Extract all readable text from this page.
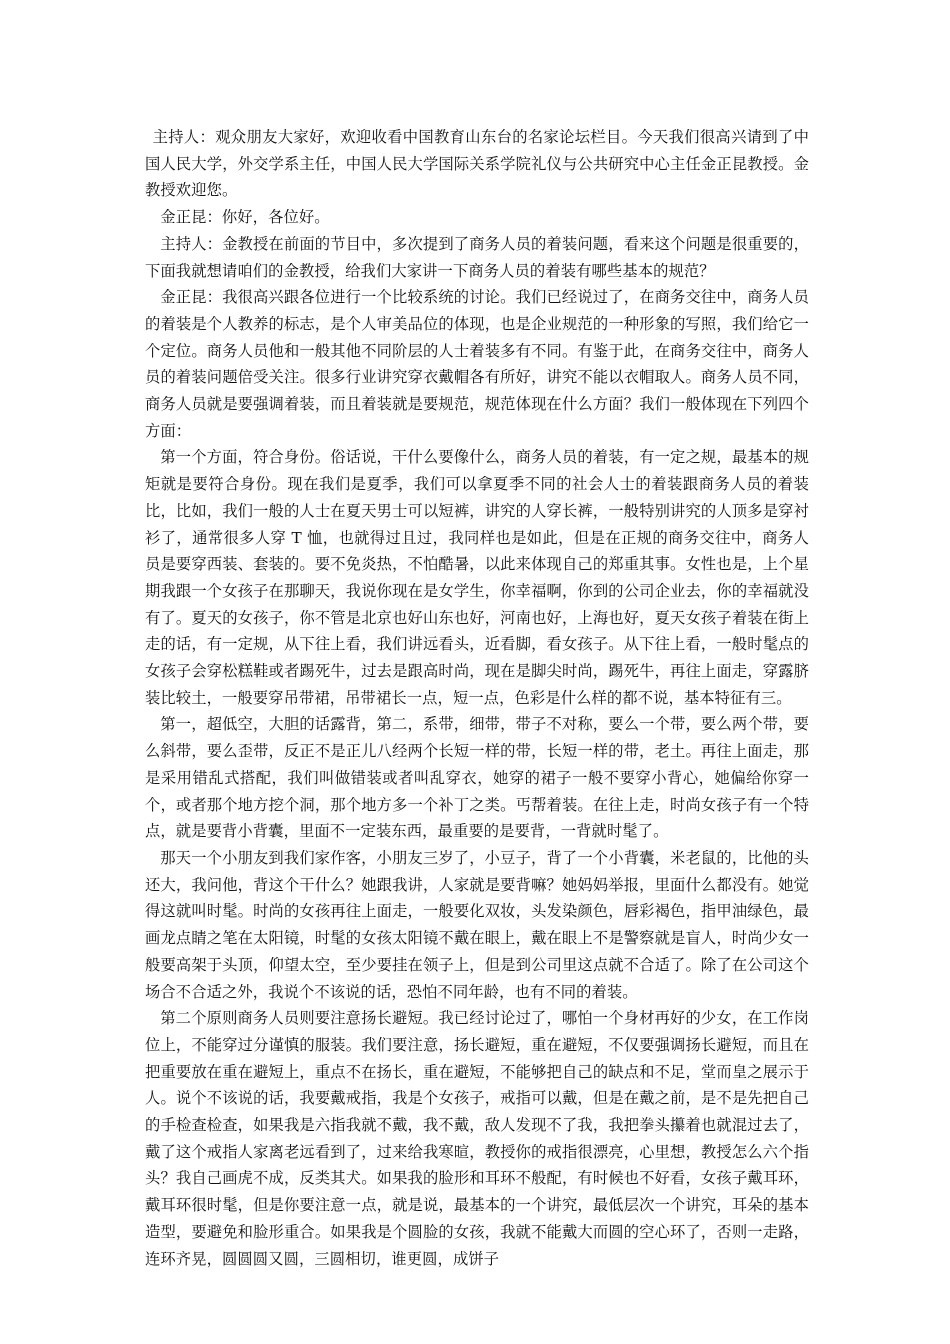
主持人：观众朋友大家好，欢迎收看中国教育山东台的名家论坛栏目。今天我们很高兴请到了中国人民大学，外交学系主任，中国人民大学国际关系学院礼仪与公共研究中心主任金正昆教授。金教授欢迎您。

金正昆：你好，各位好。

主持人：金教授在前面的节目中，多次提到了商务人员的着装问题，看来这个问题是很重要的，下面我就想请咱们的金教授，给我们大家讲一下商务人员的着装有哪些基本的规范？

金正昆：我很高兴跟各位进行一个比较系统的讨论。我们已经说过了，在商务交往中，商务人员的着装是个人教养的标志，是个人审美品位的体现，也是企业规范的一种形象的写照，我们给它一个定位。商务人员他和一般其他不同阶层的人士着装多有不同。有鉴于此，在商务交往中，商务人员的着装问题倍受关注。很多行业讲究穿衣戴帽各有所好，讲究不能以衣帽取人。商务人员不同，商务人员就是要强调着装，而且着装就是要规范，规范体现在什么方面？我们一般体现在下列四个方面：

第一个方面，符合身份。俗话说，干什么要像什么，商务人员的着装，有一定之规，最基本的规矩就是要符合身份。现在我们是夏季，我们可以拿夏季不同的社会人士的着装跟商务人员的着装比，比如，我们一般的人士在夏天男士可以短裤，讲究的人穿长裤，一般特别讲究的人顶多是穿衬衫了，通常很多人穿 T 恤，也就得过且过，我同样也是如此，但是在正规的商务交往中，商务人员是要穿西装、套装的。要不免炎热，不怕酷暑，以此来体现自己的郑重其事。女性也是，上个星期我跟一个女孩子在那聊天，我说你现在是女学生，你幸福啊，你到的公司企业去，你的幸福就没有了。夏天的女孩子，你不管是北京也好山东也好，河南也好，上海也好，夏天女孩子着装在街上走的话，有一定规，从下往上看，我们讲远看头，近看脚，看女孩子。从下往上看，一般时髦点的女孩子会穿松糕鞋或者踢死牛，过去是跟高时尚，现在是脚尖时尚，踢死牛，再往上面走，穿露脐装比较土，一般要穿吊带裙，吊带裙长一点，短一点，色彩是什么样的都不说，基本特征有三。

第一，超低空，大胆的话露背，第二，系带，细带，带子不对称，要么一个带，要么两个带，要么斜带，要么歪带，反正不是正儿八经两个长短一样的带，长短一样的带，老土。再往上面走，那是采用错乱式搭配，我们叫做错装或者叫乱穿衣，她穿的裙子一般不要穿小背心，她偏给你穿一个，或者那个地方挖个洞，那个地方多一个补丁之类。丐帮着装。在往上走，时尚女孩子有一个特点，就是要背小背囊，里面不一定装东西，最重要的是要背，一背就时髦了。

那天一个小朋友到我们家作客，小朋友三岁了，小豆子，背了一个小背囊，米老鼠的，比他的头还大，我问他，背这个干什么？她跟我讲，人家就是要背嘛？她妈妈举报，里面什么都没有。她觉得这就叫时髦。时尚的女孩再往上面走，一般要化双妆，头发染颜色，唇彩褐色，指甲油绿色，最画龙点睛之笔在太阳镜，时髦的女孩太阳镜不戴在眼上，戴在眼上不是警察就是盲人，时尚少女一般要高架于头顶，仰望太空，至少要挂在领子上，但是到公司里这点就不合适了。除了在公司这个场合不合适之外，我说个不该说的话，恐怕不同年龄，也有不同的着装。

第二个原则商务人员则要注意扬长避短。我已经讨论过了，哪怕一个身材再好的少女，在工作岗位上，不能穿过分谨慎的服装。我们要注意，扬长避短，重在避短，不仅要强调扬长避短，而且在把重要放在重在避短上，重点不在扬长，重在避短，不能够把自己的缺点和不足，堂而皇之展示于人。说个不该说的话，我要戴戒指，我是个女孩子，戒指可以戴，但是在戴之前，是不是先把自己的手检查检查，如果我是六指我就不戴，我不戴，敌人发现不了我，我把拳头攥着也就混过去了，戴了这个戒指人家离老远看到了，过来给我寒暄，教授你的戒指很漂亮，心里想，教授怎么六个指头？我自己画虎不成，反类其犬。如果我的脸形和耳环不般配，有时候也不好看，女孩子戴耳环，戴耳环很时髦，但是你要注意一点，就是说，最基本的一个讲究，最低层次一个讲究，耳朵的基本造型，要避免和脸形重合。如果我是个圆脸的女孩，我就不能戴大而圆的空心环了，否则一走路，连环齐晃，圆圆圆又圆，三圆相切，谁更圆，成饼子
